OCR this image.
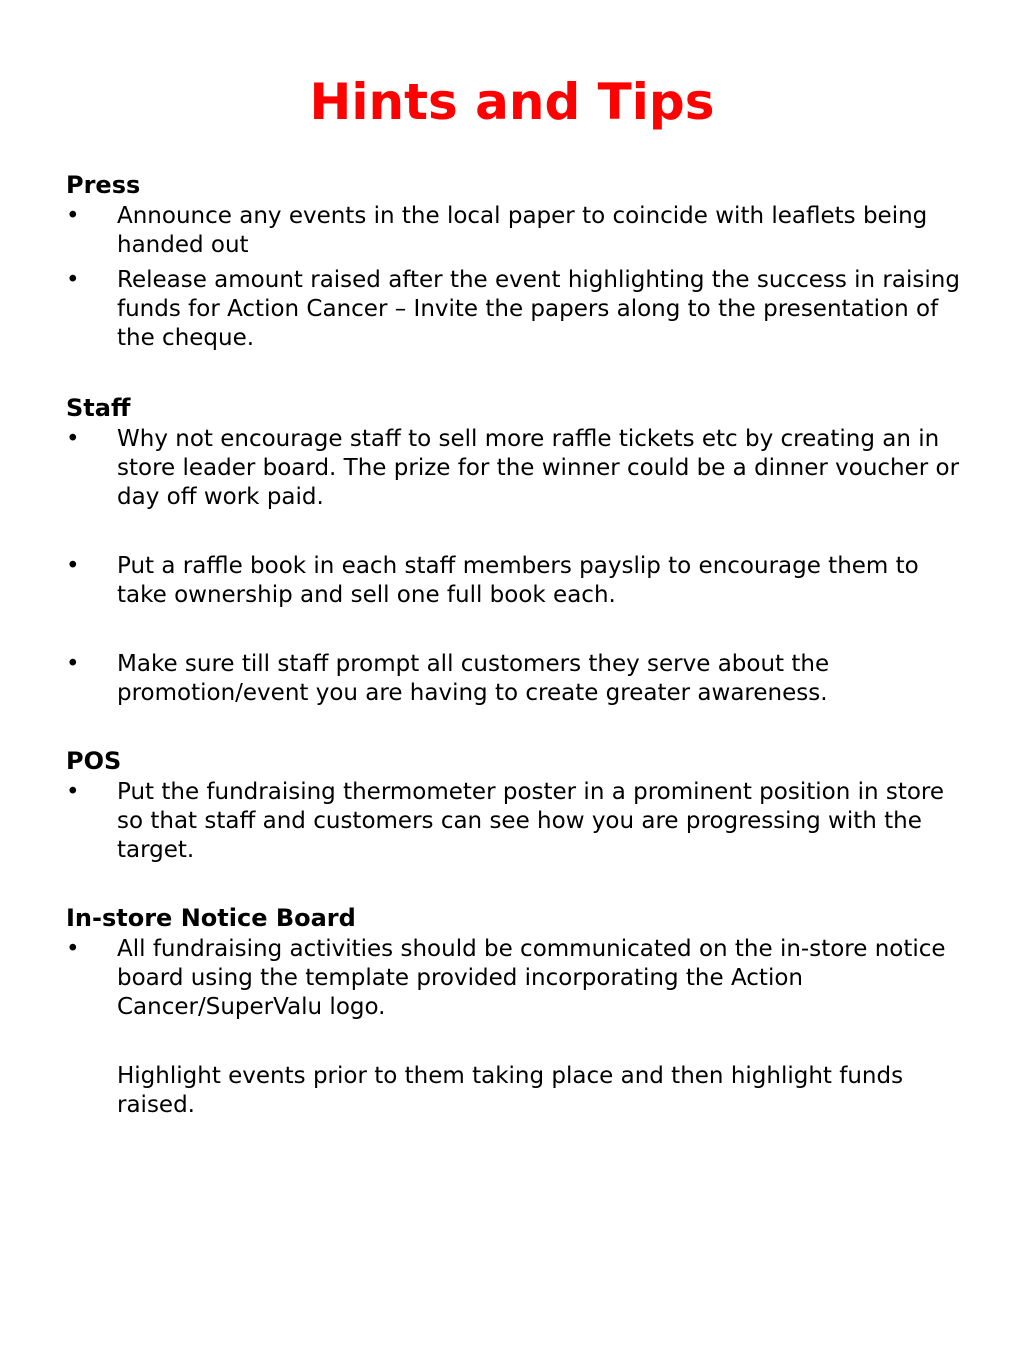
Hints and Tips
Press
• Announce any events in the local paper to coincide with leaflets being handed out
• Release amount raised after the event highlighting the success in raising funds for Action Cancer – Invite the papers along to the presentation of the cheque.
Staff
• Why not encourage staff to sell more raffle tickets etc by creating an in store leader board. The prize for the winner could be a dinner voucher or day off work paid.
• Put a raffle book in each staff members payslip to encourage them to take ownership and sell one full book each.
• Make sure till staff prompt all customers they serve about the promotion/event you are having to create greater awareness.
POS
• Put the fundraising thermometer poster in a prominent position in store so that staff and customers can see how you are progressing with the target.
In-store Notice Board
• All fundraising activities should be communicated on the in-store notice board using the template provided incorporating the Action Cancer/SuperValu logo.

Highlight events prior to them taking place and then highlight funds raised.
